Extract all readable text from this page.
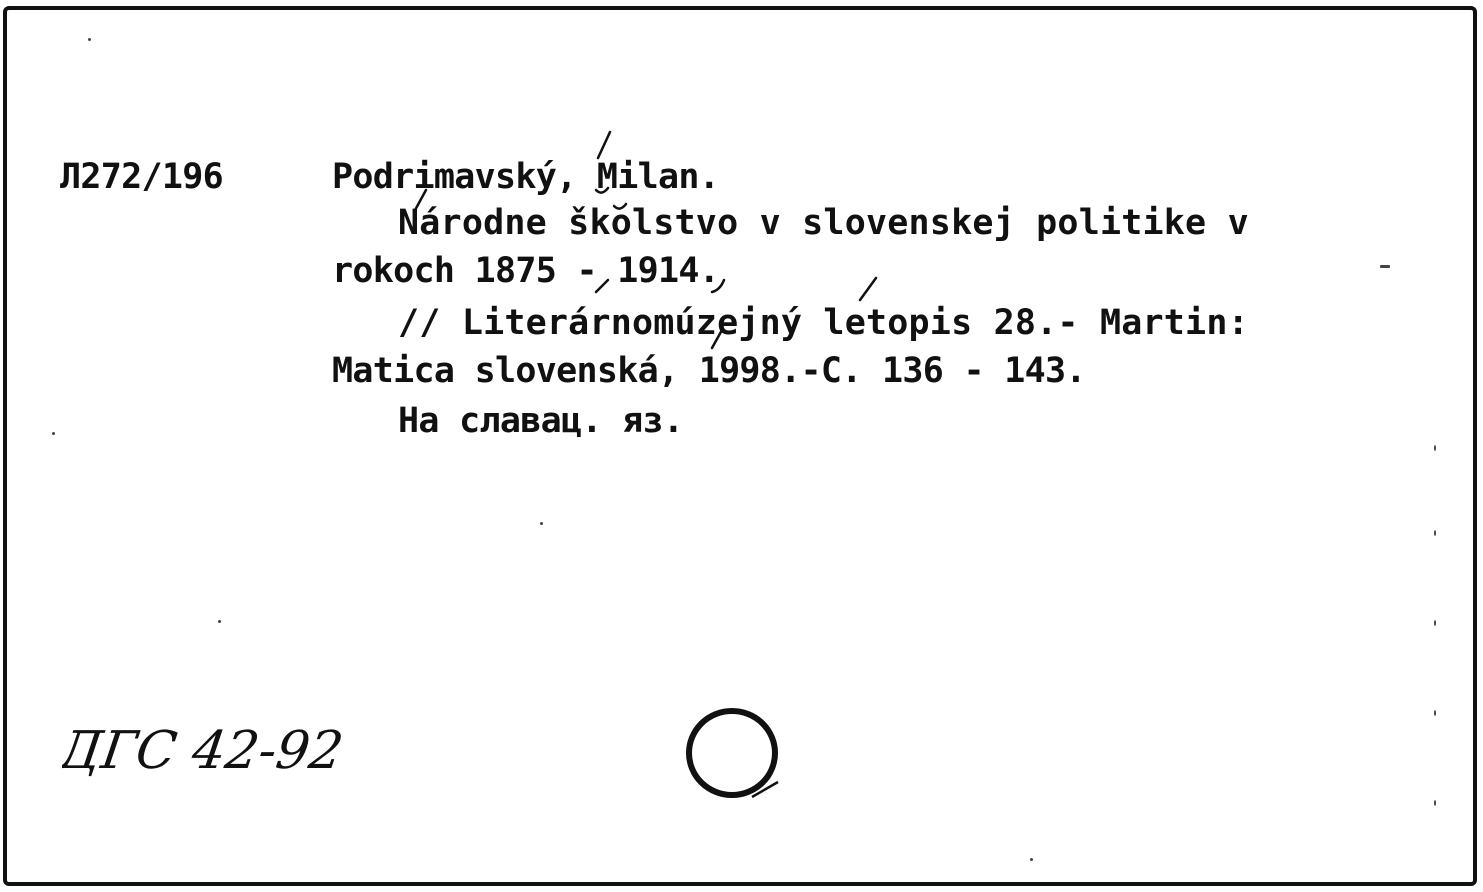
Л272/196	Podrimavský, Milan.
Národne školstvo v slovenskej politike v
rokoch 1875 - 1914.
// Literárnomúzejný letopis 28.- Martin:
Matica slovenská, 1998.-C. 136 - 143.
На славац. яз.
ДГС 42-92
